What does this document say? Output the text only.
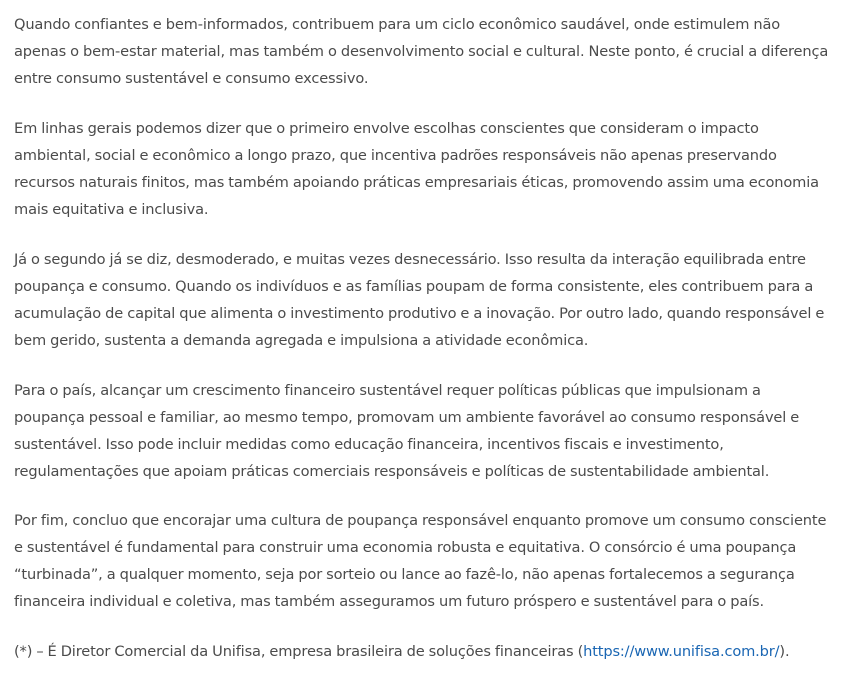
Quando confiantes e bem-informados, contribuem para um ciclo econômico saudável, onde estimulem não apenas o bem-estar material, mas também o desenvolvimento social e cultural. Neste ponto, é crucial a diferença entre consumo sustentável e consumo excessivo.

Em linhas gerais podemos dizer que o primeiro envolve escolhas conscientes que consideram o impacto ambiental, social e econômico a longo prazo, que incentiva padrões responsáveis não apenas preservando recursos naturais finitos, mas também apoiando práticas empresariais éticas, promovendo assim uma economia mais equitativa e inclusiva.

Já o segundo já se diz, desmoderado, e muitas vezes desnecessário. Isso resulta da interação equilibrada entre poupança e consumo. Quando os indivíduos e as famílias poupam de forma consistente, eles contribuem para a acumulação de capital que alimenta o investimento produtivo e a inovação. Por outro lado, quando responsável e bem gerido, sustenta a demanda agregada e impulsiona a atividade econômica.

Para o país, alcançar um crescimento financeiro sustentável requer políticas públicas que impulsionam a poupança pessoal e familiar, ao mesmo tempo, promovam um ambiente favorável ao consumo responsável e sustentável. Isso pode incluir medidas como educação financeira, incentivos fiscais e investimento, regulamentações que apoiam práticas comerciais responsáveis e políticas de sustentabilidade ambiental.

Por fim, concluo que encorajar uma cultura de poupança responsável enquanto promove um consumo consciente e sustentável é fundamental para construir uma economia robusta e equitativa. O consórcio é uma poupança “turbinada”, a qualquer momento, seja por sorteio ou lance ao fazê-lo, não apenas fortalecemos a segurança financeira individual e coletiva, mas também asseguramos um futuro próspero e sustentável para o país.

(*) – É Diretor Comercial da Unifisa, empresa brasileira de soluções financeiras (https://www.unifisa.com.br/).
